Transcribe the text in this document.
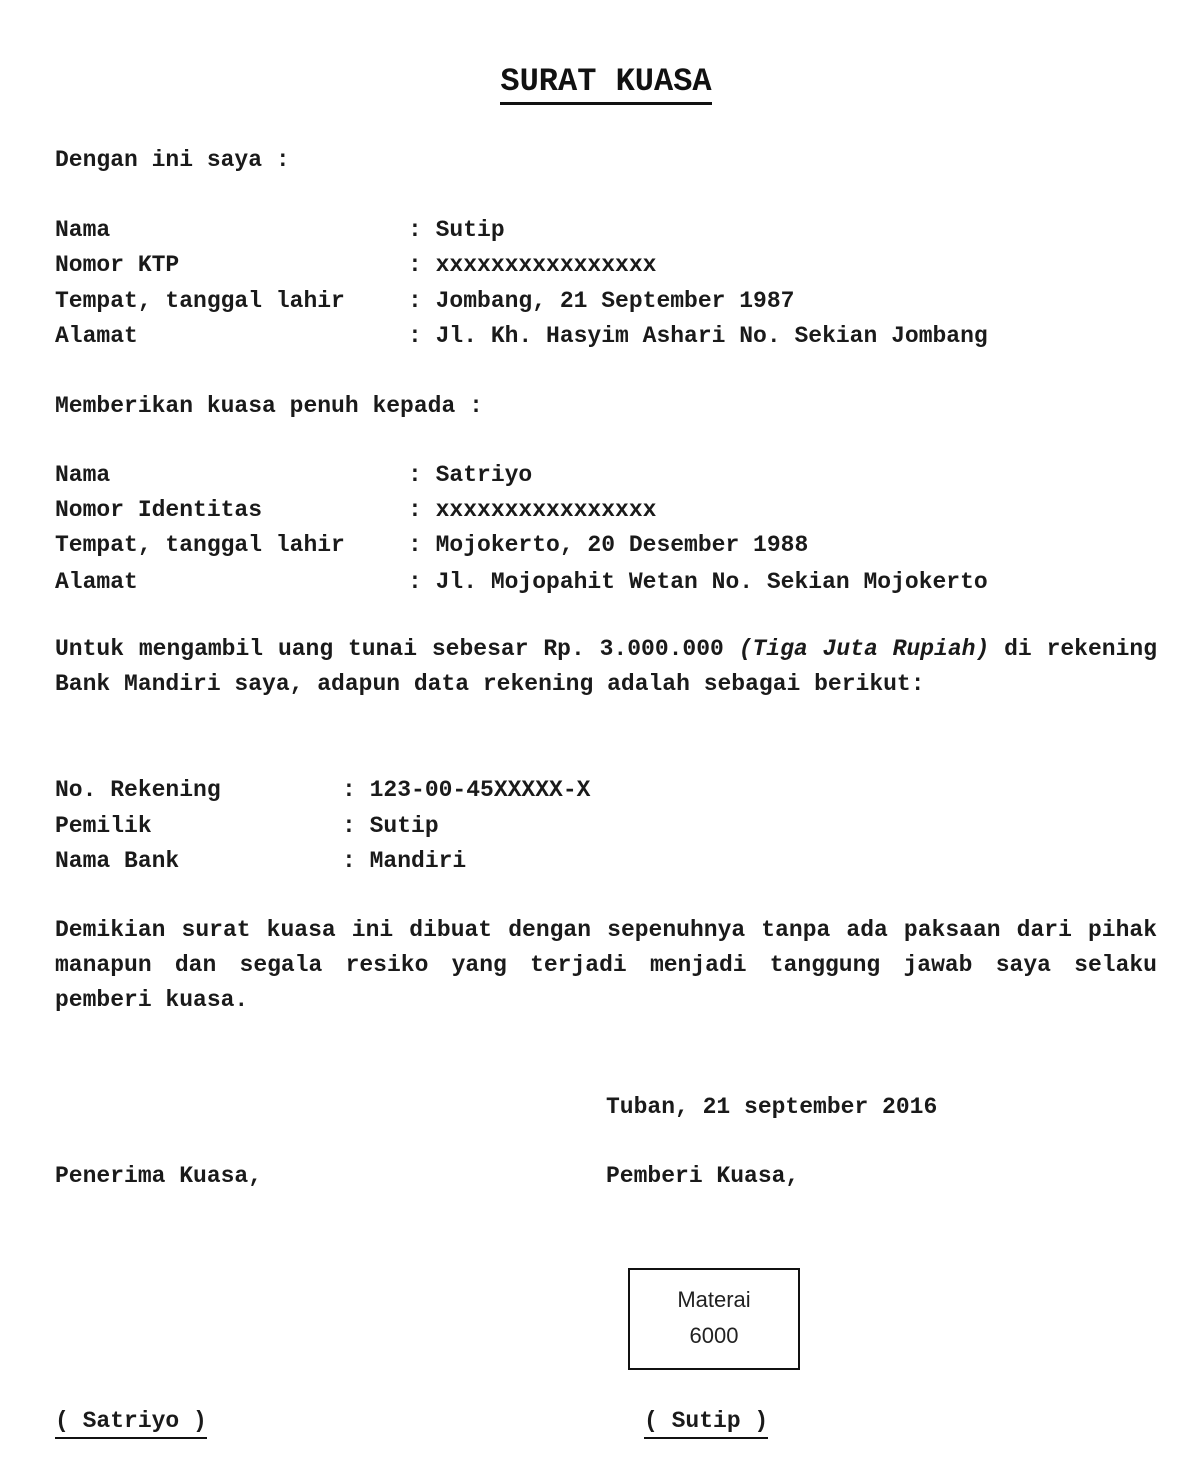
SURAT KUASA
Dengan ini saya :
Nama	: Sutip
Nomor KTP	: xxxxxxxxxxxxxxxx
Tempat, tanggal lahir	: Jombang, 21 September 1987
Alamat	: Jl. Kh. Hasyim Ashari No. Sekian Jombang
Memberikan kuasa penuh kepada :
Nama	: Satriyo
Nomor Identitas	: xxxxxxxxxxxxxxxx
Tempat, tanggal lahir	: Mojokerto, 20 Desember 1988
Alamat	: Jl. Mojopahit Wetan No. Sekian Mojokerto
Untuk mengambil uang tunai sebesar Rp. 3.000.000 (Tiga Juta Rupiah) di rekening Bank Mandiri saya, adapun data rekening adalah sebagai berikut:
No. Rekening	: 123-00-45XXXXX-X
Pemilik	: Sutip
Nama Bank	: Mandiri
Demikian surat kuasa ini dibuat dengan sepenuhnya tanpa ada paksaan dari pihak manapun dan segala resiko yang terjadi menjadi tanggung jawab saya selaku pemberi kuasa.
Tuban, 21 september 2016
Penerima Kuasa,	Pemberi Kuasa,
Materai
6000
( Satriyo )	( Sutip )
